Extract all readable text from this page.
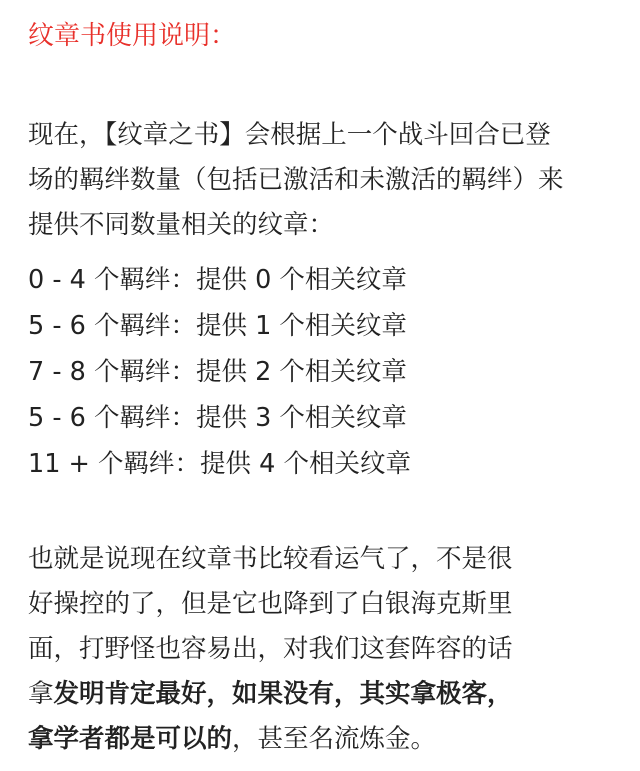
纹章书使用说明：
现在，【纹章之书】会根据上一个战斗回合已登
场的羁绊数量（包括已激活和未激活的羁绊）来
提供不同数量相关的纹章：
0 - 4 个羁绊：提供 0 个相关纹章
5 - 6 个羁绊：提供 1 个相关纹章
7 - 8 个羁绊：提供 2 个相关纹章
5 - 6 个羁绊：提供 3 个相关纹章
11 + 个羁绊：提供 4 个相关纹章
也就是说现在纹章书比较看运气了，不是很
好操控的了，但是它也降到了白银海克斯里
面，打野怪也容易出，对我们这套阵容的话
拿发明肯定最好，如果没有，其实拿极客，
拿学者都是可以的，甚至名流炼金。
